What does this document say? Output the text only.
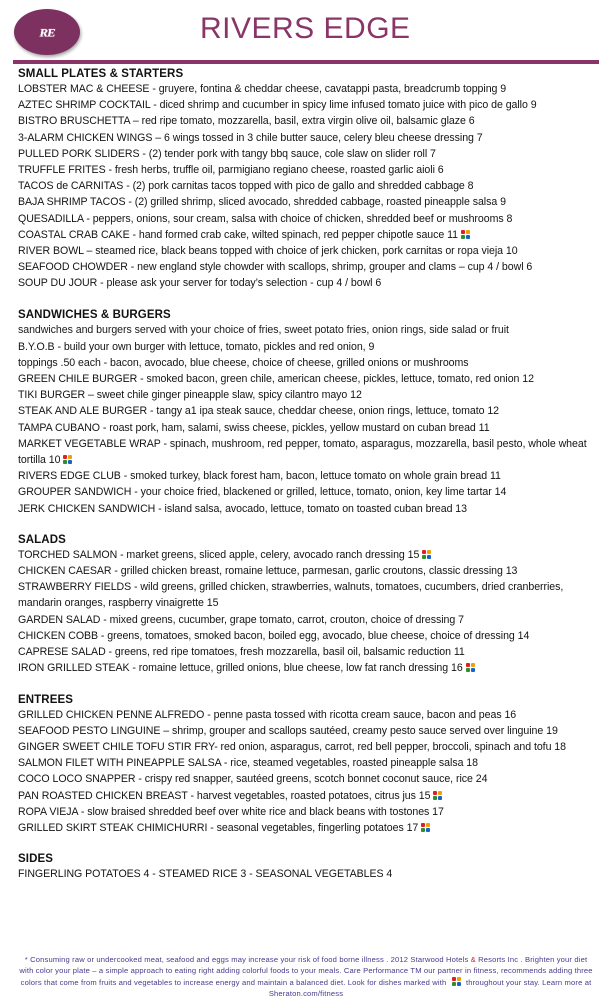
RE	RIVERS EDGE
SMALL PLATES & STARTERS
LOBSTER MAC & CHEESE - gruyere, fontina & cheddar cheese, cavatappi pasta, breadcrumb topping 9
AZTEC SHRIMP COCKTAIL - diced shrimp and cucumber in spicy lime infused tomato juice with pico de gallo 9
BISTRO BRUSCHETTA – red ripe tomato, mozzarella, basil, extra virgin olive oil, balsamic glaze 6
3-ALARM CHICKEN WINGS – 6 wings tossed in 3 chile butter sauce, celery bleu cheese dressing 7
PULLED PORK SLIDERS - (2) tender pork with tangy bbq sauce, cole slaw on slider roll 7
TRUFFLE FRITES - fresh herbs, truffle oil, parmigiano regiano cheese, roasted garlic aioli 6
TACOS de CARNITAS - (2) pork carnitas tacos topped with pico de gallo and shredded cabbage 8
BAJA SHRIMP TACOS - (2) grilled shrimp, sliced avocado, shredded cabbage, roasted pineapple salsa 9
QUESADILLA - peppers, onions, sour cream, salsa with choice of chicken, shredded beef or mushrooms 8
COASTAL CRAB CAKE - hand formed crab cake, wilted spinach, red pepper chipotle sauce 11
RIVER BOWL – steamed rice, black beans topped with choice of jerk chicken, pork carnitas or ropa vieja 10
SEAFOOD CHOWDER - new england style chowder with scallops, shrimp, grouper and clams – cup 4 / bowl 6
SOUP DU JOUR - please ask your server for today’s selection - cup 4 / bowl 6
SANDWICHES & BURGERS
sandwiches and burgers served with your choice of fries, sweet potato fries, onion rings, side salad or fruit
B.Y.O.B - build your own burger with lettuce, tomato, pickles and red onion, 9
toppings .50 each - bacon, avocado, blue cheese, choice of cheese, grilled onions or mushrooms
GREEN CHILE BURGER - smoked bacon, green chile, american cheese, pickles, lettuce, tomato, red onion 12
TIKI BURGER – sweet chile ginger pineapple slaw, spicy cilantro mayo 12
STEAK AND ALE BURGER - tangy a1 ipa steak sauce, cheddar cheese, onion rings, lettuce, tomato 12
TAMPA CUBANO - roast pork, ham, salami, swiss cheese, pickles, yellow mustard on cuban bread 11
MARKET VEGETABLE WRAP - spinach, mushroom, red pepper, tomato, asparagus, mozzarella, basil pesto, whole wheat tortilla 10
RIVERS EDGE CLUB - smoked turkey, black forest ham, bacon, lettuce tomato on whole grain bread 11
GROUPER SANDWICH - your choice fried, blackened or grilled, lettuce, tomato, onion, key lime tartar 14
JERK CHICKEN SANDWICH - island salsa, avocado, lettuce, tomato on toasted cuban bread 13
SALADS
TORCHED SALMON - market greens, sliced apple, celery, avocado ranch dressing 15
CHICKEN CAESAR - grilled chicken breast, romaine lettuce, parmesan, garlic croutons, classic dressing 13
STRAWBERRY FIELDS - wild greens, grilled chicken, strawberries, walnuts, tomatoes, cucumbers, dried cranberries, mandarin oranges, raspberry vinaigrette 15
GARDEN SALAD - mixed greens, cucumber, grape tomato, carrot, crouton, choice of dressing 7
CHICKEN COBB - greens, tomatoes, smoked bacon, boiled egg, avocado, blue cheese, choice of dressing 14
CAPRESE SALAD - greens, red ripe tomatoes, fresh mozzarella, basil oil, balsamic reduction 11
IRON GRILLED STEAK - romaine lettuce, grilled onions, blue cheese, low fat ranch dressing 16
ENTREES
GRILLED CHICKEN PENNE ALFREDO - penne pasta tossed with ricotta cream sauce, bacon and peas 16
SEAFOOD PESTO LINGUINE – shrimp, grouper and scallops sautéed, creamy pesto sauce served over linguine 19
GINGER SWEET CHILE TOFU STIR FRY- red onion, asparagus, carrot, red bell pepper, broccoli, spinach and tofu 18
SALMON FILET WITH PINEAPPLE SALSA - rice, steamed vegetables, roasted pineapple salsa 18
COCO LOCO SNAPPER - crispy red snapper, sautéed greens, scotch bonnet coconut sauce, rice 24
PAN ROASTED CHICKEN BREAST - harvest vegetables, roasted potatoes, citrus jus 15
ROPA VIEJA - slow braised shredded beef over white rice and black beans with tostones 17
GRILLED SKIRT STEAK CHIMICHURRI - seasonal vegetables, fingerling potatoes 17
SIDES
FINGERLING POTATOES 4 - STEAMED RICE 3 - SEASONAL VEGETABLES 4
* Consuming raw or undercooked meat, seafood and eggs may increase your risk of food borne illness . 2012 Starwood Hotels & Resorts Inc . Brighten your diet with color your plate – a simple approach to eating right adding colorful foods to your meals. Care Performance TM our partner in fitness, recommends adding three colors that come from fruits and vegetables to increase energy and maintain a balanced diet. Look for dishes marked with	throughout your stay. Learn more at Sheraton.com/fitness
